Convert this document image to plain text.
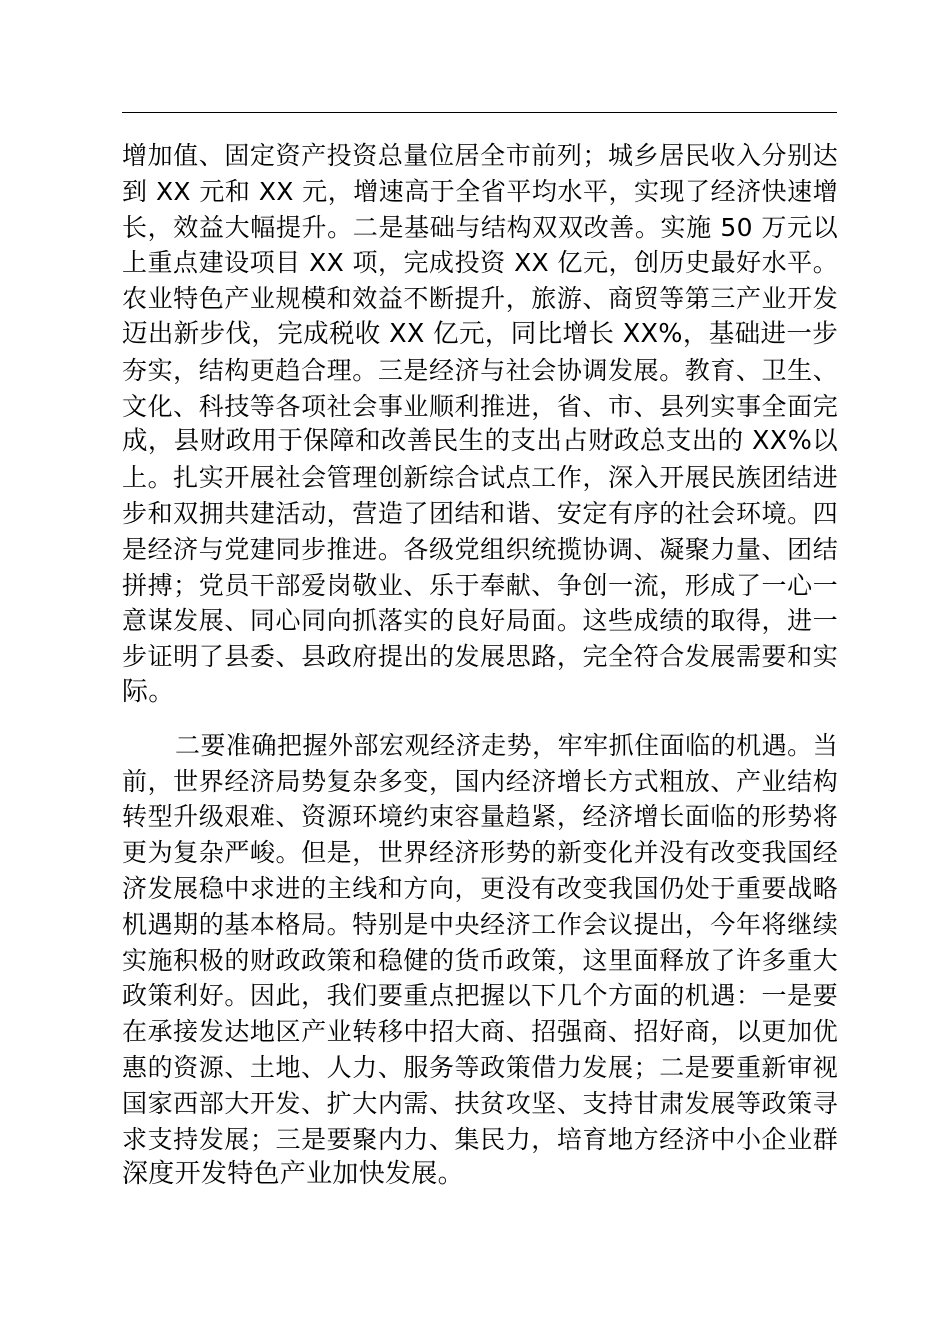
增加值、固定资产投资总量位居全市前列；城乡居民收入分别达
到 XX 元和 XX 元，增速高于全省平均水平，实现了经济快速增
长，效益大幅提升。二是基础与结构双双改善。实施 50 万元以
上重点建设项目 XX 项，完成投资 XX 亿元，创历史最好水平。
农业特色产业规模和效益不断提升，旅游、商贸等第三产业开发
迈出新步伐，完成税收 XX 亿元，同比增长 XX%，基础进一步
夯实，结构更趋合理。三是经济与社会协调发展。教育、卫生、
文化、科技等各项社会事业顺利推进，省、市、县列实事全面完
成，县财政用于保障和改善民生的支出占财政总支出的 XX%以
上。扎实开展社会管理创新综合试点工作，深入开展民族团结进
步和双拥共建活动，营造了团结和谐、安定有序的社会环境。四
是经济与党建同步推进。各级党组织统揽协调、凝聚力量、团结
拼搏；党员干部爱岗敬业、乐于奉献、争创一流，形成了一心一
意谋发展、同心同向抓落实的良好局面。这些成绩的取得，进一
步证明了县委、县政府提出的发展思路，完全符合发展需要和实
际。
二要准确把握外部宏观经济走势，牢牢抓住面临的机遇。当
前，世界经济局势复杂多变，国内经济增长方式粗放、产业结构
转型升级艰难、资源环境约束容量趋紧，经济增长面临的形势将
更为复杂严峻。但是，世界经济形势的新变化并没有改变我国经
济发展稳中求进的主线和方向，更没有改变我国仍处于重要战略
机遇期的基本格局。特别是中央经济工作会议提出，今年将继续
实施积极的财政政策和稳健的货币政策，这里面释放了许多重大
政策利好。因此，我们要重点把握以下几个方面的机遇：一是要
在承接发达地区产业转移中招大商、招强商、招好商，以更加优
惠的资源、土地、人力、服务等政策借力发展；二是要重新审视
国家西部大开发、扩大内需、扶贫攻坚、支持甘肃发展等政策寻
求支持发展；三是要聚内力、集民力，培育地方经济中小企业群
深度开发特色产业加快发展。
